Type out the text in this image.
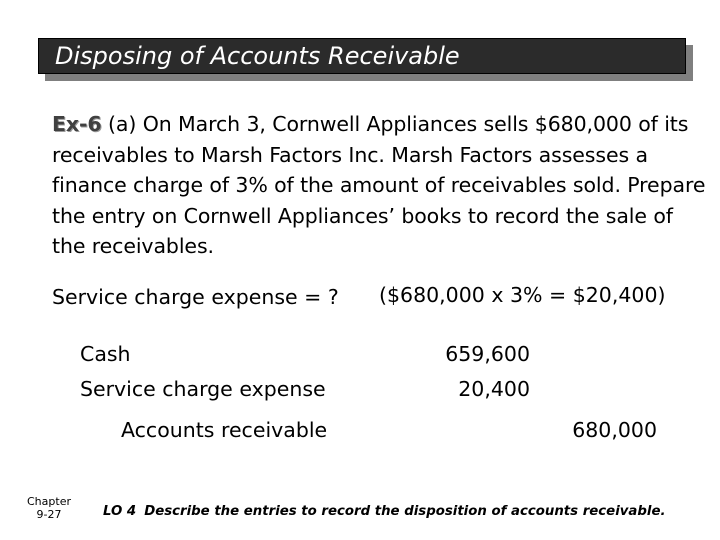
Disposing of Accounts Receivable
Ex-6 (a) On March 3, Cornwell Appliances sells $680,000 of its receivables to Marsh Factors Inc. Marsh Factors assesses a finance charge of 3% of the amount of receivables sold. Prepare the entry on Cornwell Appliances’ books to record the sale of the receivables.
Service charge expense = ? ($680,000 x 3% = $20,400)
Cash	659,600
Service charge expense	20,400
Accounts receivable	680,000
Chapter
9-27	LO 4 Describe the entries to record the disposition of accounts receivable.
